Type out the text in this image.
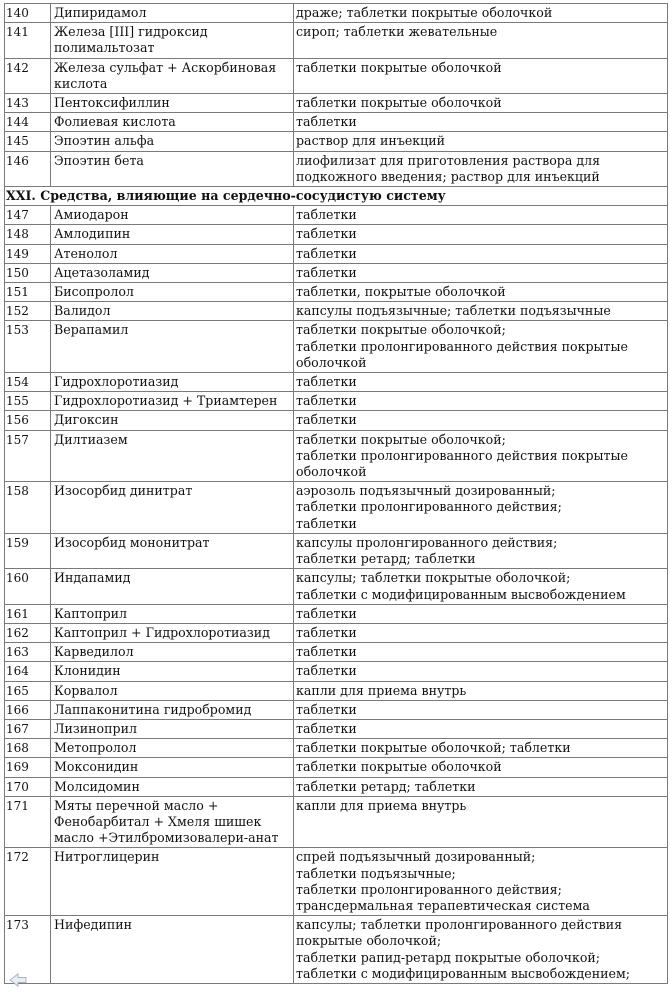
140	Дипиридамол	драже; таблетки покрытые оболочкой
141	Железа [III] гидроксид
полимальтозат	сироп; таблетки жевательные
142	Железа сульфат + Аскорбиновая
кислота	таблетки покрытые оболочкой
143	Пентоксифиллин	таблетки покрытые оболочкой
144	Фолиевая кислота	таблетки
145	Эпоэтин альфа	раствор для инъекций
146	Эпоэтин бета	лиофилизат для приготовления раствора для
подкожного введения; раствор для инъекций
XXI. Средства, влияющие на сердечно-сосудистую систему		
147	Амиодарон	таблетки
148	Амлодипин	таблетки
149	Атенолол	таблетки
150	Ацетазоламид	таблетки
151	Бисопролол	таблетки, покрытые оболочкой
152	Валидол	капсулы подъязычные; таблетки подъязычные
153	Верапамил	таблетки покрытые оболочкой;
таблетки пролонгированного действия покрытые
оболочкой
154	Гидрохлоротиазид	таблетки
155	Гидрохлоротиазид + Триамтерен	таблетки
156	Дигоксин	таблетки
157	Дилтиазем	таблетки покрытые оболочкой;
таблетки пролонгированного действия покрытые
оболочкой
158	Изосорбид динитрат	аэрозоль подъязычный дозированный;
таблетки пролонгированного действия;
таблетки
159	Изосорбид мононитрат	капсулы пролонгированного действия;
таблетки ретард; таблетки
160	Индапамид	капсулы; таблетки покрытые оболочкой;
таблетки с модифицированным высвобождением
161	Каптоприл	таблетки
162	Каптоприл + Гидрохлоротиазид	таблетки
163	Карведилол	таблетки
164	Клонидин	таблетки
165	Корвалол	капли для приема внутрь
166	Лаппаконитина гидробромид	таблетки
167	Лизиноприл	таблетки
168	Метопролол	таблетки покрытые оболочкой; таблетки
169	Моксонидин	таблетки покрытые оболочкой
170	Молсидомин	таблетки ретард; таблетки
171	Мяты перечной масло +
Фенобарбитал + Хмеля шишек
масло +Этилбромизовалери-анат	капли для приема внутрь
172	Нитроглицерин	спрей подъязычный дозированный;
таблетки подъязычные;
таблетки пролонгированного действия;
трансдермальная терапевтическая система
173	Нифедипин	капсулы; таблетки пролонгированного действия
покрытые оболочкой;
таблетки рапид-ретард покрытые оболочкой;
таблетки с модифицированным высвобождением;
